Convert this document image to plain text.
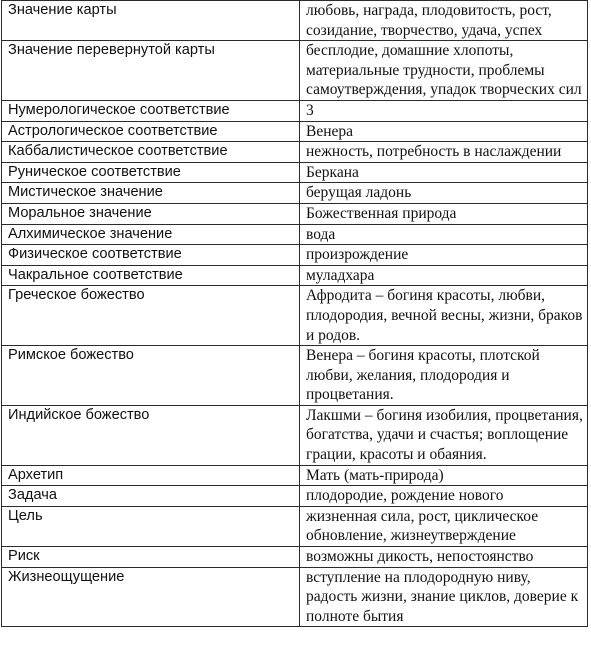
Значение карты	любовь, награда, плодовитость, рост, созидание, творчество, удача, успех
Значение перевернутой карты	бесплодие, домашние хлопоты, материальные трудности, проблемы самоутверждения, упадок творческих сил
Нумерологическое соответствие	3
Астрологическое соответствие	Венера
Каббалистическое соответствие	нежность, потребность в наслаждении
Руническое соответствие	Беркана
Мистическое значение	берущая ладонь
Моральное значение	Божественная природа
Алхимическое значение	вода
Физическое соответствие	произрождение
Чакральное соответствие	муладхара
Греческое божество	Афродита – богиня красоты, любви, плодородия, вечной весны, жизни, браков и родов.
Римское божество	Венера – богиня красоты, плотской любви, желания, плодородия и процветания.
Индийское божество	Лакшми – богиня изобилия, процветания, богатства, удачи и счастья; воплощение грации, красоты и обаяния.
Архетип	Мать (мать-природа)
Задача	плодородие, рождение нового
Цель	жизненная сила, рост, циклическое обновление, жизнеутверждение
Риск	возможны дикость, непостоянство
Жизнеощущение	вступление на плодородную ниву, радость жизни, знание циклов, доверие к полноте бытия
